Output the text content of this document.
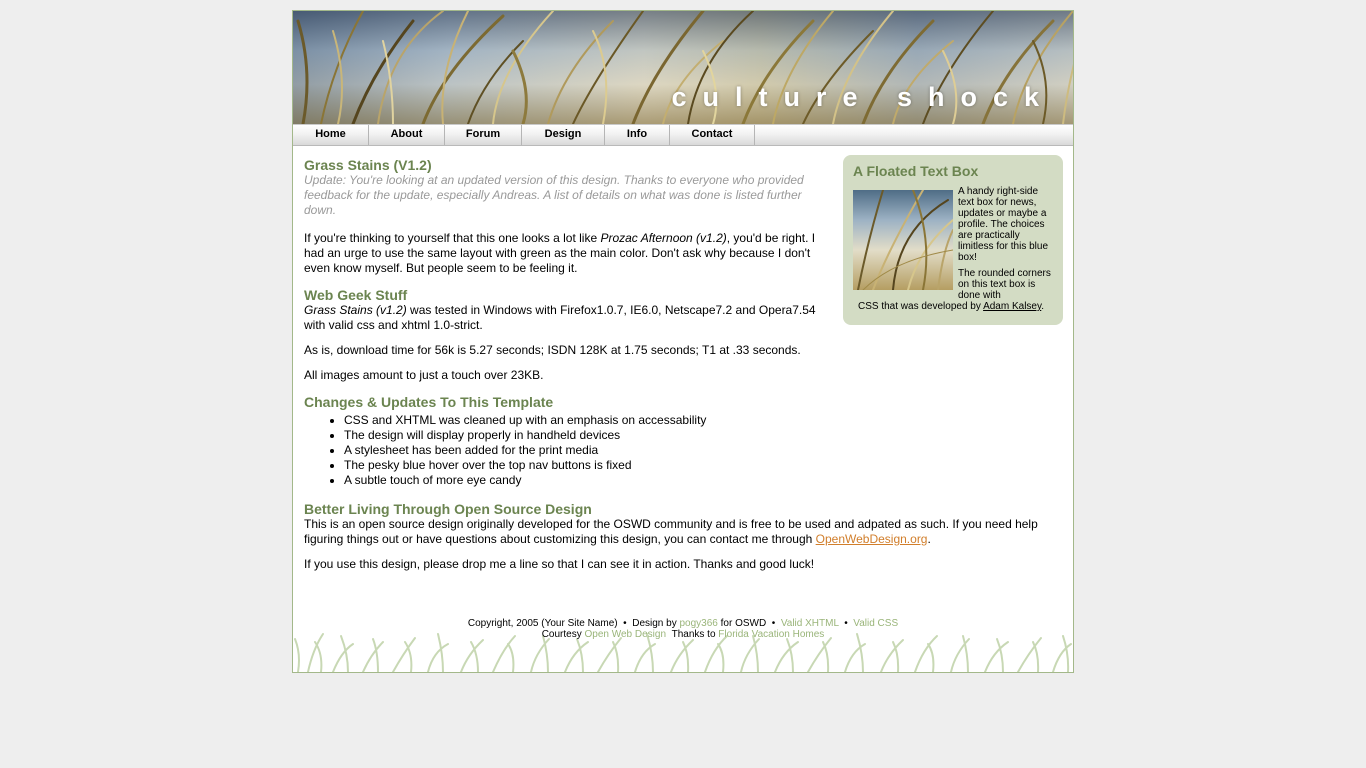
culture shock
Home	About	Forum	Design	Info	Contact
A Floated Text Box
A handy right-side text box for news, updates or maybe a profile. The choices are practically limitless for this blue box!
The rounded corners on this text box is done with
CSS that was developed by Adam Kalsey.
Grass Stains (V1.2)

Update: You're looking at an updated version of this design. Thanks to everyone who provided feedback for the update, especially Andreas. A list of details on what was done is listed further down.

If you're thinking to yourself that this one looks a lot like Prozac Afternoon (v1.2), you'd be right. I had an urge to use the same layout with green as the main color. Don't ask why because I don't even know myself. But people seem to be feeling it.

Web Geek Stuff

Grass Stains (v1.2) was tested in Windows with Firefox1.0.7, IE6.0, Netscape7.2 and Opera7.54 with valid css and xhtml 1.0-strict.

As is, download time for 56k is 5.27 seconds; ISDN 128K at 1.75 seconds; T1 at .33 seconds.

All images amount to just a touch over 23KB.

Changes & Updates To This Template
• CSS and XHTML was cleaned up with an emphasis on accessability
• The design will display properly in handheld devices
• A stylesheet has been added for the print media
• The pesky blue hover over the top nav buttons is fixed
• A subtle touch of more eye candy
Better Living Through Open Source Design

This is an open source design originally developed for the OSWD community and is free to be used and adpated as such. If you need help figuring things out or have questions about customizing this design, you can contact me through OpenWebDesign.org.

If you use this design, please drop me a line so that I can see it in action. Thanks and good luck!

Copyright, 2005 (Your Site Name) • Design by pogy366 for OSWD • Valid XHTML • Valid CSS
Courtesy Open Web Design Thanks to Florida Vacation Homes
